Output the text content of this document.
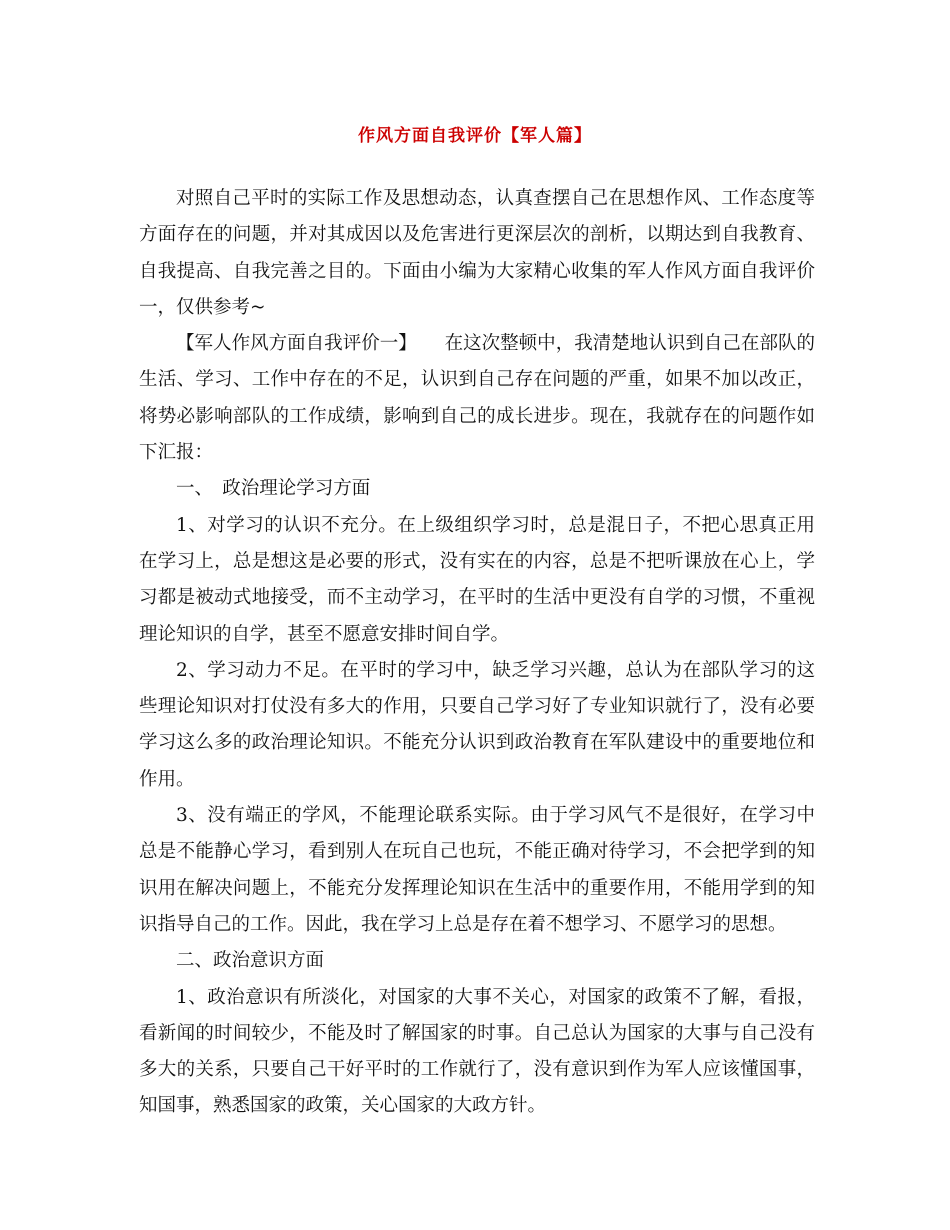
作风方面自我评价【军人篇】

对照自己平时的实际工作及思想动态，认真查摆自己在思想作风、工作态度等方面存在的问题，并对其成因以及危害进行更深层次的剖析，以期达到自我教育、自我提高、自我完善之目的。下面由小编为大家精心收集的军人作风方面自我评价一，仅供参考~

【军人作风方面自我评价一】　　在这次整顿中，我清楚地认识到自己在部队的生活、学习、工作中存在的不足，认识到自己存在问题的严重，如果不加以改正，将势必影响部队的工作成绩，影响到自己的成长进步。现在，我就存在的问题作如下汇报：

一、　政治理论学习方面

1、对学习的认识不充分。在上级组织学习时，总是混日子，不把心思真正用在学习上，总是想这是必要的形式，没有实在的内容，总是不把听课放在心上，学习都是被动式地接受，而不主动学习，在平时的生活中更没有自学的习惯，不重视理论知识的自学，甚至不愿意安排时间自学。

2、学习动力不足。在平时的学习中，缺乏学习兴趣，总认为在部队学习的这些理论知识对打仗没有多大的作用，只要自己学习好了专业知识就行了，没有必要学习这么多的政治理论知识。不能充分认识到政治教育在军队建设中的重要地位和作用。

3、没有端正的学风，不能理论联系实际。由于学习风气不是很好，在学习中总是不能静心学习，看到别人在玩自己也玩，不能正确对待学习，不会把学到的知识用在解决问题上，不能充分发挥理论知识在生活中的重要作用，不能用学到的知识指导自己的工作。因此，我在学习上总是存在着不想学习、不愿学习的思想。

二、政治意识方面

1、政治意识有所淡化，对国家的大事不关心，对国家的政策不了解，看报，看新闻的时间较少，不能及时了解国家的时事。自己总认为国家的大事与自己没有多大的关系，只要自己干好平时的工作就行了，没有意识到作为军人应该懂国事，知国事，熟悉国家的政策，关心国家的大政方针。
